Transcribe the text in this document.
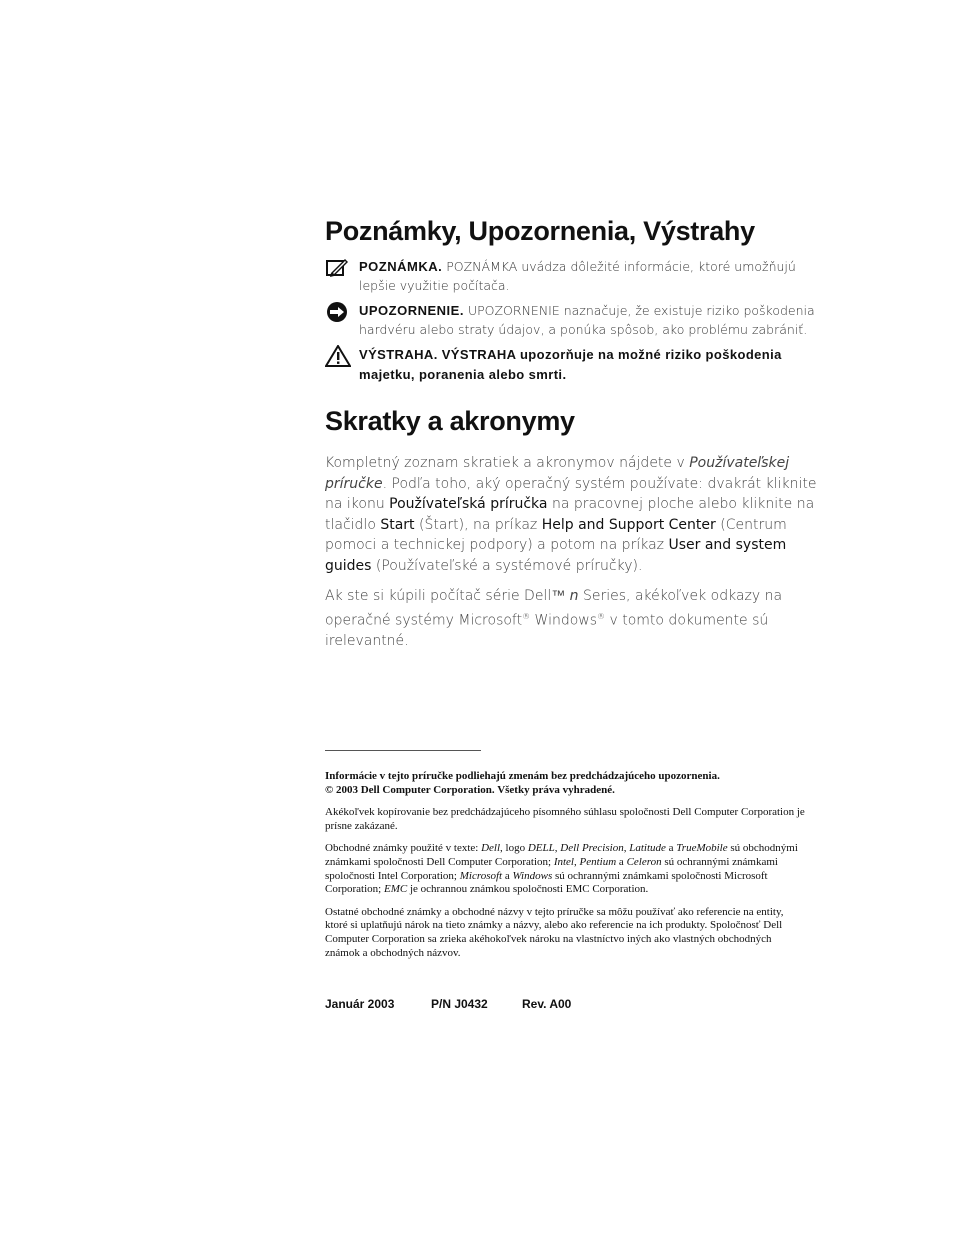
Poznámky, Upozornenia, Výstrahy
POZNÁMKA. POZNÁMKA uvádza dôležité informácie, ktoré umožňujú lepšie využitie počítača.
UPOZORNENIE. UPOZORNENIE naznačuje, že existuje riziko poškodenia hardvéru alebo straty údajov, a ponúka spôsob, ako problému zabrániť.
VÝSTRAHA. VÝSTRAHA upozorňuje na možné riziko poškodenia majetku, poranenia alebo smrti.
Skratky a akronymy

Kompletný zoznam skratiek a akronymov nájdete v Používateľskej príručke. Podľa toho, aký operačný systém používate: dvakrát kliknite na ikonu Používateľská príručka na pracovnej ploche alebo kliknite na tlačidlo Start (Štart), na príkaz Help and Support Center (Centrum pomoci a technickej podpory) a potom na príkaz User and system guides (Používateľské a systémové príručky).

Ak ste si kúpili počítač série Dell™ n Series, akékoľvek odkazy na operačné systémy Microsoft® Windows® v tomto dokumente sú irelevantné.

Informácie v tejto príručke podliehajú zmenám bez predchádzajúceho upozornenia.
© 2003 Dell Computer Corporation. Všetky práva vyhradené.

Akékoľvek kopírovanie bez predchádzajúceho písomného súhlasu spoločnosti Dell Computer Corporation je prísne zakázané.

Obchodné známky použité v texte: Dell, logo DELL, Dell Precision, Latitude a TrueMobile sú obchodnými známkami spoločnosti Dell Computer Corporation; Intel, Pentium a Celeron sú ochrannými známkami spoločnosti Intel Corporation; Microsoft a Windows sú ochrannými známkami spoločnosti Microsoft Corporation; EMC je ochrannou známkou spoločnosti EMC Corporation.

Ostatné obchodné známky a obchodné názvy v tejto príručke sa môžu používať ako referencie na entity, ktoré si uplatňujú nárok na tieto známky a názvy, alebo ako referencie na ich produkty. Spoločnosť Dell Computer Corporation sa zrieka akéhokoľvek nároku na vlastníctvo iných ako vlastných obchodných známok a obchodných názvov.

Január 2003	P/N J0432	Rev. A00
